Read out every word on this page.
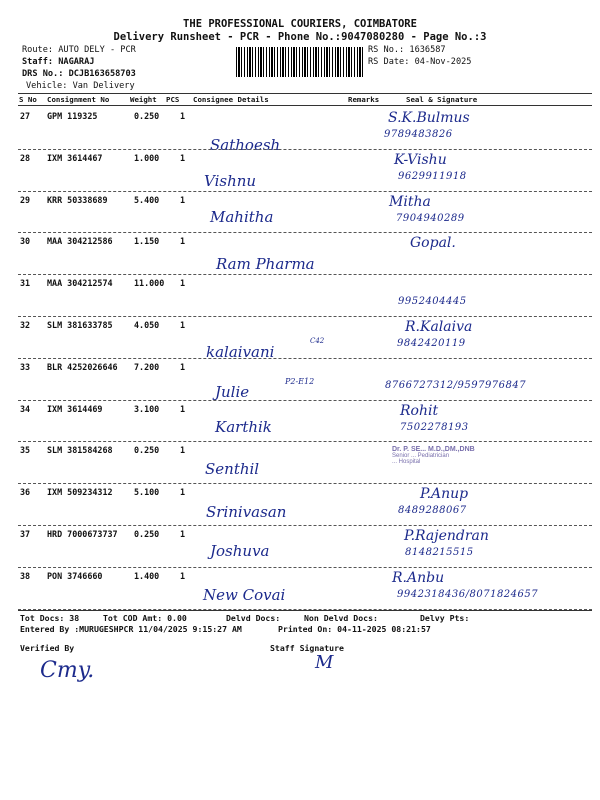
THE PROFESSIONAL COURIERS, COIMBATORE
Delivery Runsheet - PCR - Phone No.:9047080280 - Page No.:3
Route: AUTO DELY - PCR
Staff: NAGARAJ
DRS No.: DCJB163658703
Vehicle: Van Delivery
RS No.: 1636587
RS Date: 04-Nov-2025
S No Consignment No	Weight PCS Consignee Details	Remarks	Seal & Signature
27 GPM 119325	0.250 1
Sathoesh
S.K.Bulmus
9789483826
28 IXM 3614467	1.000 1
Vishnu
K-Vishu
9629911918
29 KRR 50338689	5.400 1
Mahitha
Mitha
7904940289
30 MAA 304212586	1.150 1
Ram Pharma
Gopal.
31 MAA 304212574	11.000 1
9952404445
32 SLM 381633785	4.050 1
kalaivani
R.Kalaiva
9842420119
33 BLR 4252026646 7.200 1
Julie	8766727312/9597976847
34 IXM 3614469	3.100 1
Karthik
Rohit
7502278193
35 SLM 381584268	0.250 1
Senthil
36 IXM 509234312	5.100 1
Srinivasan
P.Anup
8489288067
37 HRD 7000673737 0.250 1
Joshuva
P.Rajendran
8148215515
38 PON 3746660	1.400 1
New Covai
R.Anbu
9942318436/8071824657
C42
P2-E12
Dr. P. SE... M.D.,DM.,DNB
Senior ... Pediatrician
... Hospital
Tot Docs: 38	Tot COD Amt: 0.00	Delvd Docs:	Non Delvd Docs:	Delvy Pts:
Entered By :MURUGESHPCR 11/04/2025 9:15:27 AM	Printed On: 04-11-2025 08:21:57
Verified By	Staff Signature
Cmy.	M
